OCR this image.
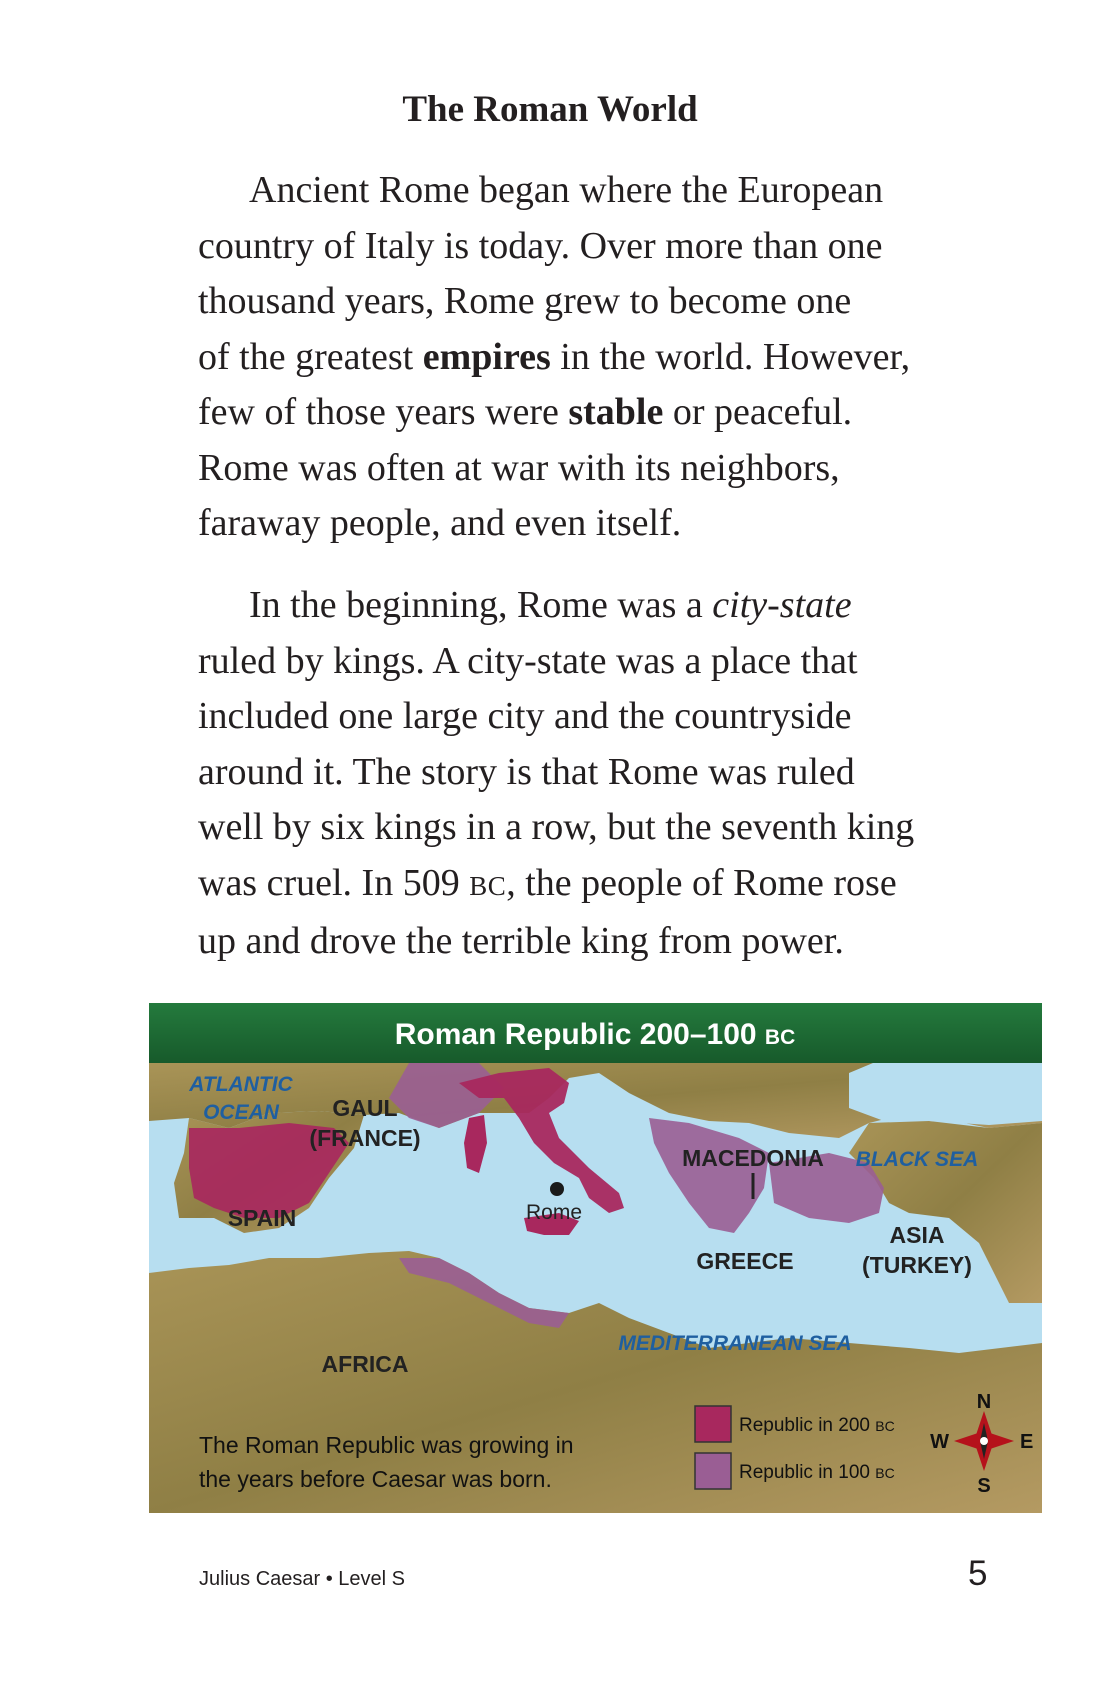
The Roman World
Ancient Rome began where the European
country of Italy is today. Over more than one
thousand years, Rome grew to become one
of the greatest empires in the world. However,
few of those years were stable or peaceful.
Rome was often at war with its neighbors,
faraway people, and even itself.
In the beginning, Rome was a city-state
ruled by kings. A city-state was a place that
included one large city and the countryside
around it. The story is that Rome was ruled
well by six kings in a row, but the seventh king
was cruel. In 509 BC, the people of Rome rose
up and drove the terrible king from power.
Roman Republic 200–100 BC
ATLANTIC
OCEAN GAUL
(FRANCE)
SPAIN	Rome
MACEDONIA BLACK SEA
GREECE
ASIA
(TURKEY)
MEDITERRANEAN SEA
AFRICA
The Roman Republic was growing in
the years before Caesar was born.
Republic in 200 BC
Republic in 100 BC
N
S
E
W
Julius Caesar • Level S	5
